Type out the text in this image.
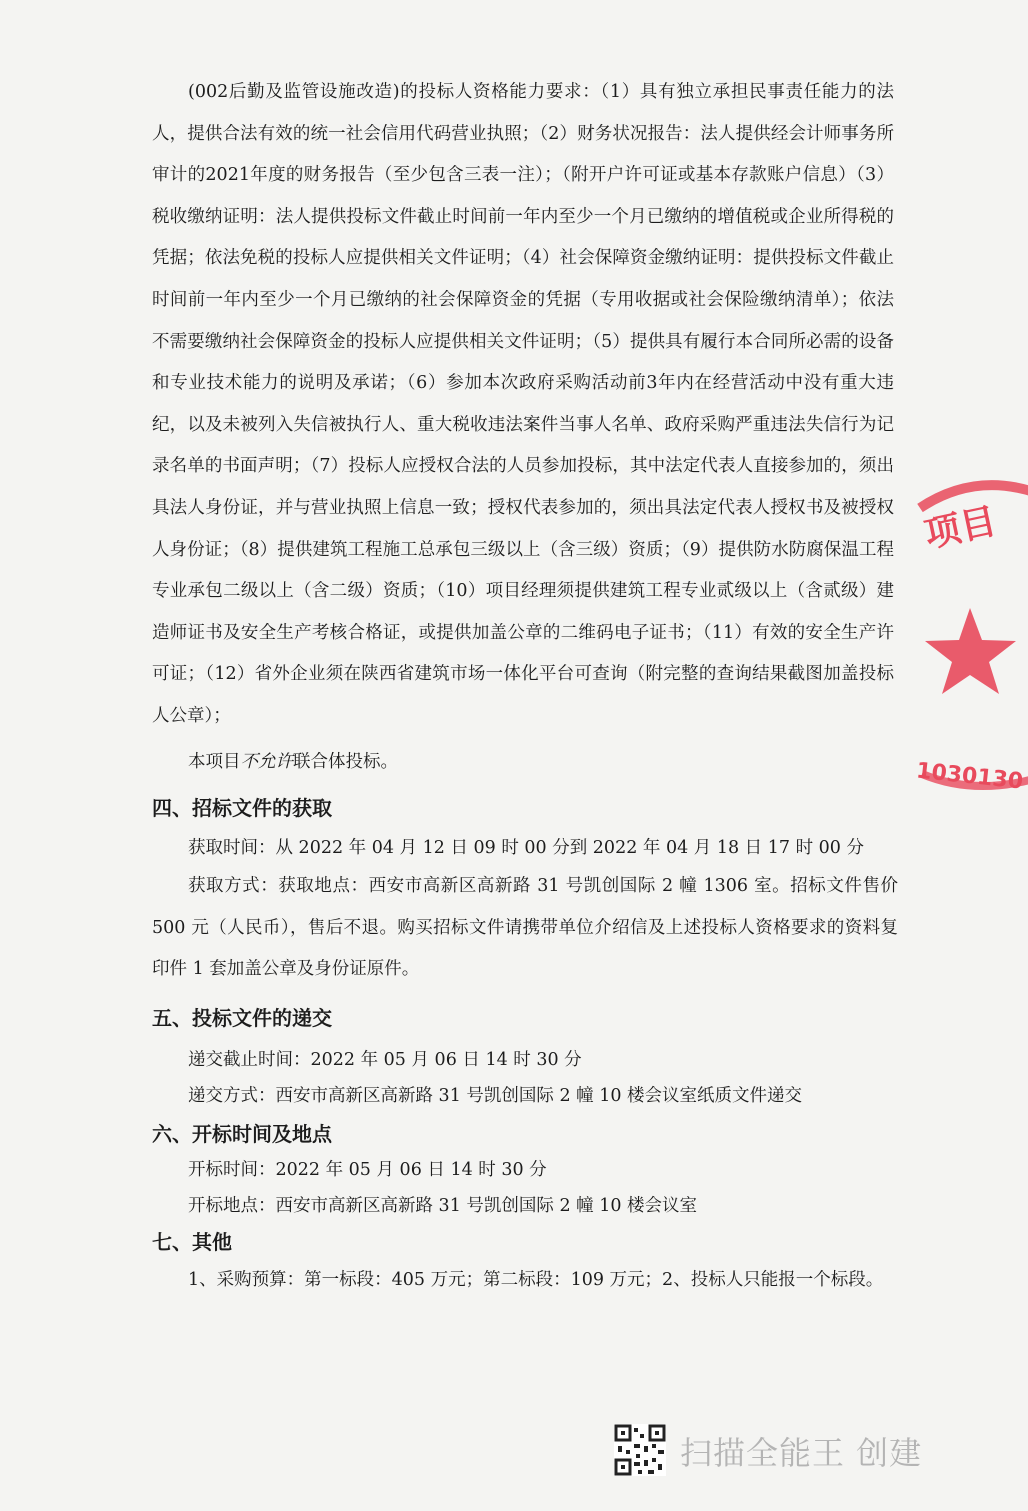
(002后勤及监管设施改造)的投标人资格能力要求：（1）具有独立承担民事责任能力的法人，提供合法有效的统一社会信用代码营业执照；（2）财务状况报告：法人提供经会计师事务所审计的2021年度的财务报告（至少包含三表一注）；（附开户许可证或基本存款账户信息）（3）税收缴纳证明：法人提供投标文件截止时间前一年内至少一个月已缴纳的增值税或企业所得税的凭据；依法免税的投标人应提供相关文件证明；（4）社会保障资金缴纳证明：提供投标文件截止时间前一年内至少一个月已缴纳的社会保障资金的凭据（专用收据或社会保险缴纳清单）；依法不需要缴纳社会保障资金的投标人应提供相关文件证明；（5）提供具有履行本合同所必需的设备和专业技术能力的说明及承诺；（6）参加本次政府采购活动前3年内在经营活动中没有重大违纪，以及未被列入失信被执行人、重大税收违法案件当事人名单、政府采购严重违法失信行为记录名单的书面声明；（7）投标人应授权合法的人员参加投标，其中法定代表人直接参加的，须出具法人身份证，并与营业执照上信息一致；授权代表参加的，须出具法定代表人授权书及被授权人身份证；（8）提供建筑工程施工总承包三级以上（含三级）资质；（9）提供防水防腐保温工程专业承包二级以上（含二级）资质；（10）项目经理须提供建筑工程专业贰级以上（含贰级）建造师证书及安全生产考核合格证，或提供加盖公章的二维码电子证书；（11）有效的安全生产许可证；（12）省外企业须在陕西省建筑市场一体化平台可查询（附完整的查询结果截图加盖投标人公章）；

本项目不允许联合体投标。

四、招标文件的获取

获取时间：从 2022 年 04 月 12 日 09 时 00 分到 2022 年 04 月 18 日 17 时 00 分

获取方式：获取地点：西安市高新区高新路 31 号凯创国际 2 幢 1306 室。招标文件售价 500 元（人民币），售后不退。购买招标文件请携带单位介绍信及上述投标人资格要求的资料复印件 1 套加盖公章及身份证原件。

五、投标文件的递交

递交截止时间：2022 年 05 月 06 日 14 时 30 分

递交方式：西安市高新区高新路 31 号凯创国际 2 幢 10 楼会议室纸质文件递交

六、开标时间及地点

开标时间：2022 年 05 月 06 日 14 时 30 分

开标地点：西安市高新区高新路 31 号凯创国际 2 幢 10 楼会议室

七、其他

1、采购预算：第一标段：405 万元；第二标段：109 万元；2、投标人只能报一个标段。

项目
1030130
扫描全能王 创建
